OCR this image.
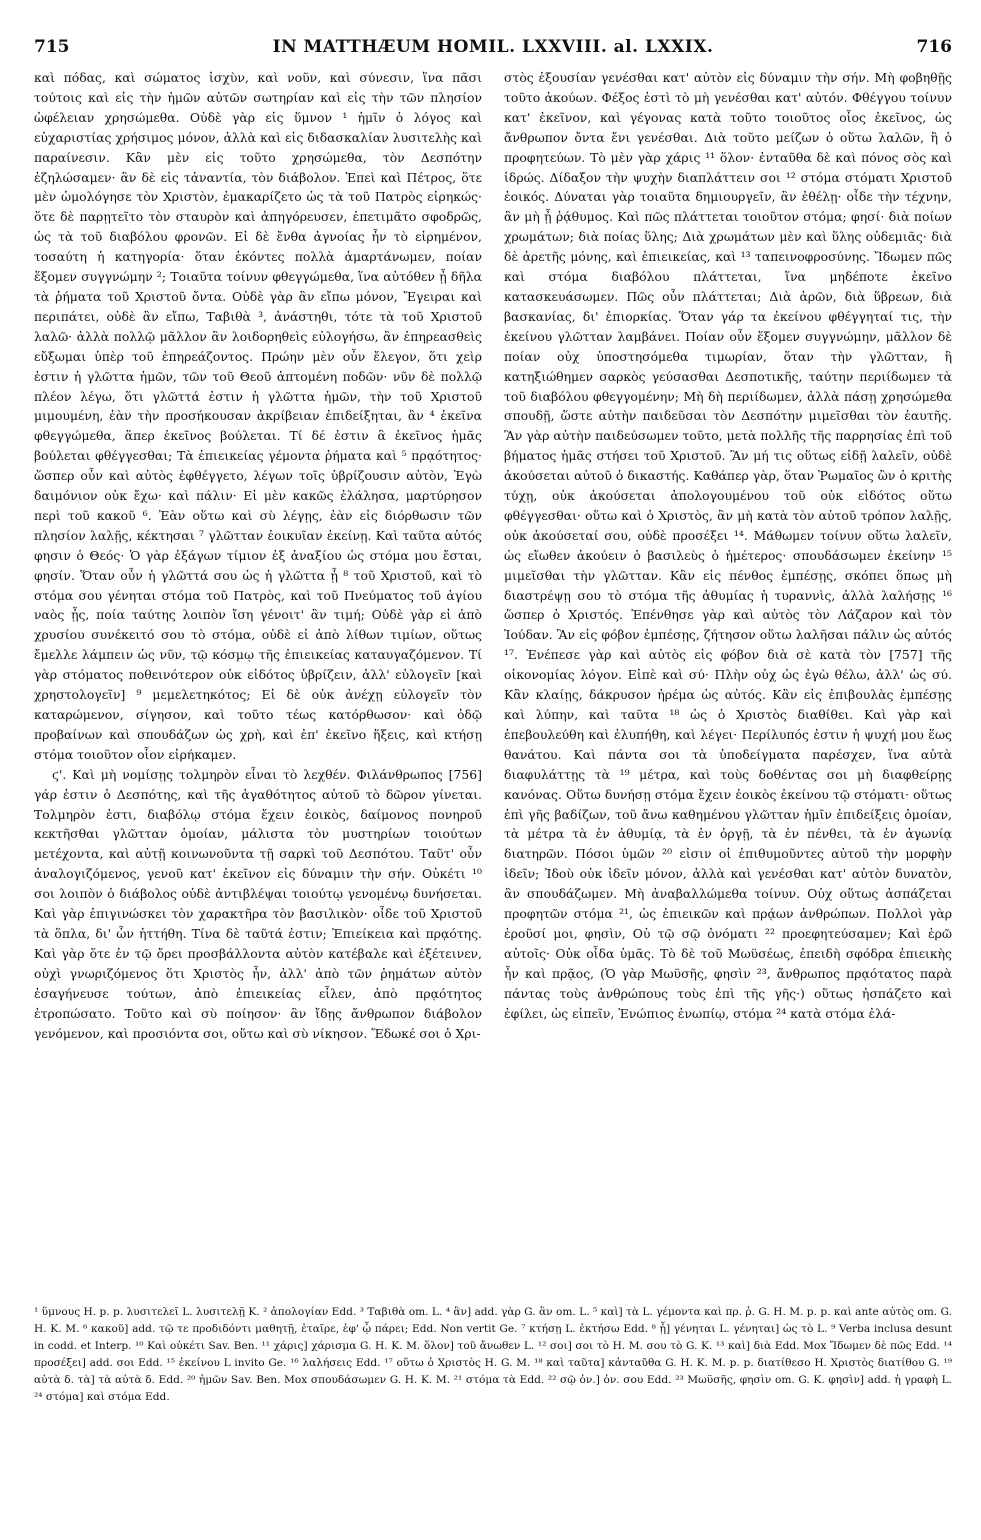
715	IN MATTHÆUM HOMIL. LXXVIII. al. LXXIX.	716

καὶ πόδας, καὶ σώματος ἰσχὺν, καὶ νοῦν, καὶ σύνεσιν, ἵνα πᾶσι τούτοις καὶ εἰς τὴν ἡμῶν αὐτῶν σωτηρίαν καὶ εἰς τὴν τῶν πλησίον ὠφέλειαν χρησώμεθα. Οὐδὲ γὰρ εἰς ὕμνον ¹ ἡμῖν ὁ λόγος καὶ εὐχαριστίας χρήσιμος μόνον, ἀλλὰ καὶ εἰς διδασκαλίαν λυσιτελὴς καὶ παραίνεσιν. Κἂν μὲν εἰς τοῦτο χρησώμεθα, τὸν Δεσπότην ἐζηλώσαμεν· ἂν δὲ εἰς τἀναντία, τὸν διάβολον. Ἐπεὶ καὶ Πέτρος, ὅτε μὲν ὡμολόγησε τὸν Χριστὸν, ἐμακαρίζετο ὡς τὰ τοῦ Πατρὸς εἰρηκώς· ὅτε δὲ παρῃτεῖτο τὸν σταυρὸν καὶ ἀπηγόρευσεν, ἐπετιμᾶτο σφοδρῶς, ὡς τὰ τοῦ διαβόλου φρονῶν. Εἰ δὲ ἔνθα ἀγνοίας ἦν τὸ εἰρημένον, τοσαύτη ἡ κατηγορία· ὅταν ἑκόντες πολλὰ ἁμαρτάνωμεν, ποίαν ἕξομεν συγγνώμην ²; Τοιαῦτα τοίνυν φθεγγώμεθα, ἵνα αὐτόθεν ᾖ δῆλα τὰ ῥήματα τοῦ Χριστοῦ ὄντα. Οὐδὲ γὰρ ἂν εἴπω μόνον, Ἔγειραι καὶ περιπάτει, οὐδὲ ἂν εἴπω, Ταβιθὰ ³, ἀνάστηθι, τότε τὰ τοῦ Χριστοῦ λαλῶ· ἀλλὰ πολλῷ μᾶλλον ἂν λοιδορηθεὶς εὐλογήσω, ἂν ἐπηρεασθεὶς εὔξωμαι ὑπὲρ τοῦ ἐπηρεάζοντος. Πρώην μὲν οὖν ἔλεγον, ὅτι χεὶρ ἐστιν ἡ γλῶττα ἡμῶν, τῶν τοῦ Θεοῦ ἁπτομένη ποδῶν· νῦν δὲ πολλῷ πλέον λέγω, ὅτι γλῶττά ἐστιν ἡ γλῶττα ἡμῶν, τὴν τοῦ Χριστοῦ μιμουμένη, ἐὰν τὴν προσήκουσαν ἀκρίβειαν ἐπιδείξηται, ἂν ⁴ ἐκεῖνα φθεγγώμεθα, ἅπερ ἐκεῖνος βούλεται. Τί δέ ἐστιν ἃ ἐκεῖνος ἡμᾶς βούλεται φθέγγεσθαι; Τὰ ἐπιεικείας γέμοντα ῥήματα καὶ ⁵ πρᾳότητος· ὥσπερ οὖν καὶ αὐτὸς ἐφθέγγετο, λέγων τοῖς ὑβρίζουσιν αὐτὸν, Ἐγὼ δαιμόνιον οὐκ ἔχω· καὶ πάλιν· Εἰ μὲν κακῶς ἐλάλησα, μαρτύρησον περὶ τοῦ κακοῦ ⁶. Ἐὰν οὕτω καὶ σὺ λέγῃς, ἐὰν εἰς διόρθωσιν τῶν πλησίον λαλῇς, κέκτησαι ⁷ γλῶτταν ἐοικυῖαν ἐκείνῃ. Καὶ ταῦτα αὐτός φησιν ὁ Θεός· Ὁ γὰρ ἐξάγων τίμιον ἐξ ἀναξίου ὡς στόμα μου ἔσται, φησίν. Ὅταν οὖν ἡ γλῶττά σου ὡς ἡ γλῶττα ᾖ ⁸ τοῦ Χριστοῦ, καὶ τὸ στόμα σου γένηται στόμα τοῦ Πατρὸς, καὶ τοῦ Πνεύματος τοῦ ἁγίου ναὸς ᾖς, ποία ταύτης λοιπὸν ἴση γένοιτ' ἂν τιμή; Οὐδὲ γὰρ εἰ ἀπὸ χρυσίου συνέκειτό σου τὸ στόμα, οὐδὲ εἰ ἀπὸ λίθων τιμίων, οὕτως ἔμελλε λάμπειν ὡς νῦν, τῷ κόσμῳ τῆς ἐπιεικείας καταυγαζόμενον. Τί γὰρ στόματος ποθεινότερον οὐκ εἰδότος ὑβρίζειν, ἀλλ' εὐλογεῖν [καὶ χρηστολογεῖν] ⁹ μεμελετηκότος; Εἰ δὲ οὐκ ἀνέχῃ εὐλογεῖν τὸν καταρώμενον, σίγησον, καὶ τοῦτο τέως κατόρθωσον· καὶ ὁδῷ προβαίνων καὶ σπουδάζων ὡς χρὴ, καὶ ἐπ' ἐκεῖνο ἥξεις, καὶ κτήσῃ στόμα τοιοῦτον οἷον εἰρήκαμεν.

ϛ'. Καὶ μὴ νομίσῃς τολμηρὸν εἶναι τὸ λεχθέν. Φιλάνθρωπος [756] γάρ ἐστιν ὁ Δεσπότης, καὶ τῆς ἀγαθότητος αὐτοῦ τὸ δῶρον γίνεται. Τολμηρὸν ἐστι, διαβόλῳ στόμα ἔχειν ἐοικὸς, δαίμονος πονηροῦ κεκτῆσθαι γλῶτταν ὁμοίαν, μάλιστα τὸν μυστηρίων τοιούτων μετέχοντα, καὶ αὐτῇ κοινωνοῦντα τῇ σαρκὶ τοῦ Δεσπότου. Ταῦτ' οὖν ἀναλογιζόμενος, γενοῦ κατ' ἐκεῖνον εἰς δύναμιν τὴν σήν. Οὐκέτι ¹⁰ σοι λοιπὸν ὁ διάβολος οὐδὲ ἀντιβλέψαι τοιούτῳ γενομένῳ δυνήσεται. Καὶ γὰρ ἐπιγινώσκει τὸν χαρακτῆρα τὸν βασιλικὸν· οἶδε τοῦ Χριστοῦ τὰ ὅπλα, δι' ὧν ἡττήθη. Τίνα δὲ ταῦτά ἐστιν; Ἐπιείκεια καὶ πρᾳότης. Καὶ γὰρ ὅτε ἐν τῷ ὄρει προσβάλλοντα αὐτὸν κατέβαλε καὶ ἐξέτεινεν, οὐχὶ γνωριζόμενος ὅτι Χριστὸς ἦν, ἀλλ' ἀπὸ τῶν ῥημάτων αὐτὸν ἐσαγήνευσε τούτων, ἀπὸ ἐπιεικείας εἷλεν, ἀπὸ πρᾳότητος ἐτροπώσατο. Τοῦτο καὶ σὺ ποίησον· ἂν ἴδῃς ἄνθρωπον διάβολον γενόμενον, καὶ προσιόντα σοι, οὕτω καὶ σὺ νίκησον. Ἔδωκέ σοι ὁ Χρι-

στὸς ἐξουσίαν γενέσθαι κατ' αὐτὸν εἰς δύναμιν τὴν σήν. Μὴ φοβηθῇς τοῦτο ἀκούων. Φέξος ἐστὶ τὸ μὴ γενέσθαι κατ' αὐτόν. Φθέγγου τοίνυν κατ' ἐκεῖνον, καὶ γέγονας κατὰ τοῦτο τοιοῦτος οἷος ἐκεῖνος, ὡς ἄνθρωπον ὄντα ἔνι γενέσθαι. Διὰ τοῦτο μείζων ὁ οὕτω λαλῶν, ἢ ὁ προφητεύων. Τὸ μὲν γὰρ χάρις ¹¹ ὅλον· ἐνταῦθα δὲ καὶ πόνος σὸς καὶ ἱδρώς. Δίδαξον τὴν ψυχὴν διαπλάττειν σοι ¹² στόμα στόματι Χριστοῦ ἐοικός. Δύναται γὰρ τοιαῦτα δημιουργεῖν, ἂν ἐθέλῃ· οἶδε τὴν τέχνην, ἂν μὴ ᾖ ῥᾴθυμος. Καὶ πῶς πλάττεται τοιοῦτον στόμα; φησί· διὰ ποίων χρωμάτων; διὰ ποίας ὕλης; Διὰ χρωμάτων μὲν καὶ ὕλης οὐδεμιᾶς· διὰ δὲ ἀρετῆς μόνης, καὶ ἐπιεικείας, καὶ ¹³ ταπεινοφροσύνης. Ἴδωμεν πῶς καὶ στόμα διαβόλου πλάττεται, ἵνα μηδέποτε ἐκεῖνο κατασκευάσωμεν. Πῶς οὖν πλάττεται; Διὰ ἀρῶν, διὰ ὕβρεων, διὰ βασκανίας, δι' ἐπιορκίας. Ὅταν γάρ τα ἐκείνου φθέγγηταί τις, τὴν ἐκείνου γλῶτταν λαμβάνει. Ποίαν οὖν ἕξομεν συγγνώμην, μᾶλλον δὲ ποίαν οὐχ ὑποστησόμεθα τιμωρίαν, ὅταν τὴν γλῶτταν, ἣ κατηξιώθημεν σαρκὸς γεύσασθαι Δεσποτικῆς, ταύτην περιίδωμεν τὰ τοῦ διαβόλου φθεγγομένην; Μὴ δὴ περιίδωμεν, ἀλλὰ πάσῃ χρησώμεθα σπουδῇ, ὥστε αὐτὴν παιδεῦσαι τὸν Δεσπότην μιμεῖσθαι τὸν ἑαυτῆς. Ἂν γὰρ αὐτὴν παιδεύσωμεν τοῦτο, μετὰ πολλῆς τῆς παρρησίας ἐπὶ τοῦ βήματος ἡμᾶς στήσει τοῦ Χριστοῦ. Ἂν μή τις οὕτως εἰδῇ λαλεῖν, οὐδὲ ἀκούσεται αὐτοῦ ὁ δικαστής. Καθάπερ γὰρ, ὅταν Ῥωμαῖος ὢν ὁ κριτὴς τύχῃ, οὐκ ἀκούσεται ἀπολογουμένου τοῦ οὐκ εἰδότος οὕτω φθέγγεσθαι· οὕτω καὶ ὁ Χριστὸς, ἂν μὴ κατὰ τὸν αὐτοῦ τρόπον λαλῇς, οὐκ ἀκούσεταί σου, οὐδὲ προσέξει ¹⁴. Μάθωμεν τοίνυν οὕτω λαλεῖν, ὡς εἴωθεν ἀκούειν ὁ βασιλεὺς ὁ ἡμέτερος· σπουδάσωμεν ἐκείνην ¹⁵ μιμεῖσθαι τὴν γλῶτταν. Κἂν εἰς πένθος ἐμπέσῃς, σκόπει ὅπως μὴ διαστρέψῃ σου τὸ στόμα τῆς ἀθυμίας ἡ τυραννὶς, ἀλλὰ λαλήσῃς ¹⁶ ὥσπερ ὁ Χριστός. Ἐπένθησε γὰρ καὶ αὐτὸς τὸν Λάζαρον καὶ τὸν Ἰούδαν. Ἂν εἰς φόβον ἐμπέσῃς, ζήτησον οὕτω λαλῆσαι πάλιν ὡς αὐτός ¹⁷. Ἐνέπεσε γὰρ καὶ αὐτὸς εἰς φόβον διὰ σὲ κατὰ τὸν [757] τῆς οἰκονομίας λόγον. Εἰπὲ καὶ σύ· Πλὴν οὐχ ὡς ἐγὼ θέλω, ἀλλ' ὡς σύ. Κἂν κλαίῃς, δάκρυσον ἠρέμα ὡς αὐτός. Κἂν εἰς ἐπιβουλὰς ἐμπέσῃς καὶ λύπην, καὶ ταῦτα ¹⁸ ὡς ὁ Χριστὸς διαθίθει. Καὶ γὰρ καὶ ἐπεβουλεύθη καὶ ἐλυπήθη, καὶ λέγει· Περίλυπός ἐστιν ἡ ψυχή μου ἕως θανάτου. Καὶ πάντα σοι τὰ ὑποδείγματα παρέσχεν, ἵνα αὐτὰ διαφυλάττῃς τὰ ¹⁹ μέτρα, καὶ τοὺς δοθέντας σοι μὴ διαφθείρῃς κανόνας. Οὕτω δυνήσῃ στόμα ἔχειν ἐοικὸς ἐκείνου τῷ στόματι· οὕτως ἐπὶ γῆς βαδίζων, τοῦ ἄνω καθημένου γλῶτταν ἡμῖν ἐπιδείξεις ὁμοίαν, τὰ μέτρα τὰ ἐν ἀθυμίᾳ, τὰ ἐν ὀργῇ, τὰ ἐν πένθει, τὰ ἐν ἀγωνίᾳ διατηρῶν. Πόσοι ὑμῶν ²⁰ εἰσιν οἱ ἐπιθυμοῦντες αὐτοῦ τὴν μορφὴν ἰδεῖν; Ἰδοὺ οὐκ ἰδεῖν μόνον, ἀλλὰ καὶ γενέσθαι κατ' αὐτὸν δυνατὸν, ἂν σπουδάζωμεν. Μὴ ἀναβαλλώμεθα τοίνυν. Οὐχ οὕτως ἀσπάζεται προφητῶν στόμα ²¹, ὡς ἐπιεικῶν καὶ πρᾴων ἀνθρώπων. Πολλοὶ γὰρ ἐροῦσί μοι, φησὶν, Οὐ τῷ σῷ ὀνόματι ²² προεφητεύσαμεν; Καὶ ἐρῶ αὐτοῖς· Οὐκ οἶδα ὑμᾶς. Τὸ δὲ τοῦ Μωϋσέως, ἐπειδὴ σφόδρα ἐπιεικὴς ἦν καὶ πρᾷος, (Ὁ γὰρ Μωϋσῆς, φησὶν ²³, ἄνθρωπος πρᾳότατος παρὰ πάντας τοὺς ἀνθρώπους τοὺς ἐπὶ τῆς γῆς·) οὕτως ἠσπάζετο καὶ ἐφίλει, ὡς εἰπεῖν, Ἐνώπιος ἐνωπίῳ, στόμα ²⁴ κατὰ στόμα ἐλά-

¹ ὕμνους H. p. p. λυσιτελεῖ L. λυσιτελῇ K. ² ἀπολογίαν Edd. ³ Ταβιθὰ om. L. ⁴ ἂν] add. γὰρ G. ἂν om. L. ⁵ καὶ] τὰ L. γέμοντα καὶ πρ. ῥ. G. H. M. p. p. καὶ ante αὐτὸς om. G. H. K. M. ⁶ κακοῦ] add. τῷ τε προδιδόντι μαθητῇ, ἑταῖρε, ἐφ' ᾧ πάρει; Edd. Non vertit Ge. ⁷ κτήσῃ L. ἐκτήσω Edd. ⁸ ᾖ] γένηται L. γένηται] ὡς τὸ L. ⁹ Verba inclusa desunt in codd. et Interp. ¹⁰ Καὶ οὐκέτι Sav. Ben. ¹¹ χάρις] χάρισμα G. H. K. M. ὅλον] τοῦ ἄνωθεν L. ¹² σοι] σοι τὸ H. M. σου τὸ G. K. ¹³ καὶ] διὰ Edd. Mox Ἴδωμεν δὲ πῶς Edd. ¹⁴ προσέξει] add. σοι Edd. ¹⁵ ἐκείνου L invito Ge. ¹⁶ λαλήσεις Edd. ¹⁷ οὕτω ὁ Χριστὸς H. G. M. ¹⁸ καὶ ταῦτα] κἀνταῦθα G. H. K. M. p. p. διατίθεσο H. Χριστὸς διατίθου G. ¹⁹ αὐτὰ δ. τὰ] τὰ αὐτὰ δ. Edd. ²⁰ ἡμῶν Sav. Ben. Mox σπουδάσωμεν G. H. K. M. ²¹ στόμα τὰ Edd. ²² σῷ ὀν.] ὀν. σου Edd. ²³ Μωϋσῆς, φησὶν om. G. K. φησὶν] add. ἡ γραφὴ L. ²⁴ στόμα] καὶ στόμα Edd.
